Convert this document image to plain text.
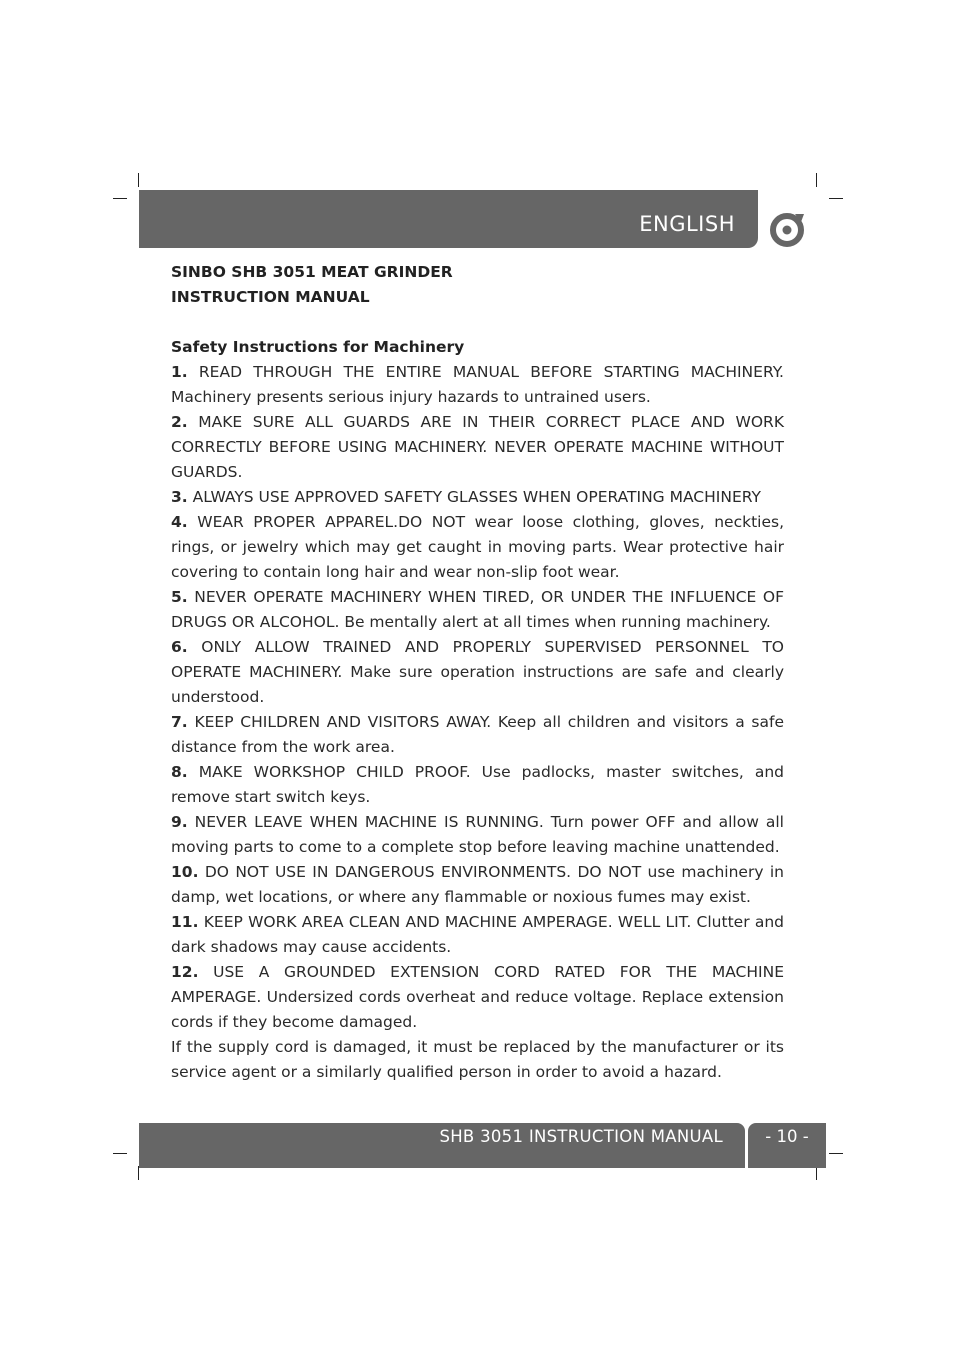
ENGLISH

SINBO SHB 3051 MEAT GRINDER

INSTRUCTION MANUAL

Safety Instructions for Machinery

1. READ THROUGH THE ENTIRE MANUAL BEFORE STARTING MACHINERY. Machinery presents serious injury hazards to untrained users.

2. MAKE SURE ALL GUARDS ARE IN THEIR CORRECT PLACE AND WORK CORRECTLY BEFORE USING MACHINERY. NEVER OPERATE MACHINE WITHOUT GUARDS.

3. ALWAYS USE APPROVED SAFETY GLASSES WHEN OPERATING MACHINERY

4. WEAR PROPER APPAREL.DO NOT wear loose clothing, gloves, neckties, rings, or jewelry which may get caught in moving parts. Wear protective hair covering to contain long hair and wear non-slip foot wear.

5. NEVER OPERATE MACHINERY WHEN TIRED, OR UNDER THE INFLUENCE OF DRUGS OR ALCOHOL. Be mentally alert at all times when running machinery.

6. ONLY ALLOW TRAINED AND PROPERLY SUPERVISED PERSONNEL TO OPERATE MACHINERY. Make sure operation instructions are safe and clearly understood.

7. KEEP CHILDREN AND VISITORS AWAY. Keep all children and visitors a safe distance from the work area.

8. MAKE WORKSHOP CHILD PROOF. Use padlocks, master switches, and remove start switch keys.

9. NEVER LEAVE WHEN MACHINE IS RUNNING. Turn power OFF and allow all moving parts to come to a complete stop before leaving machine unattended.

10. DO NOT USE IN DANGEROUS ENVIRONMENTS. DO NOT use machinery in damp, wet locations, or where any flammable or noxious fumes may exist.

11. KEEP WORK AREA CLEAN AND MACHINE AMPERAGE. WELL LIT. Clutter and dark shadows may cause accidents.

12. USE A GROUNDED EXTENSION CORD RATED FOR THE MACHINE AMPERAGE. Undersized cords overheat and reduce voltage. Replace extension cords if they become damaged.

If the supply cord is damaged, it must be replaced by the manufacturer or its service agent or a similarly qualified person in order to avoid a hazard.

SHB 3051 INSTRUCTION MANUAL	- 10 -
